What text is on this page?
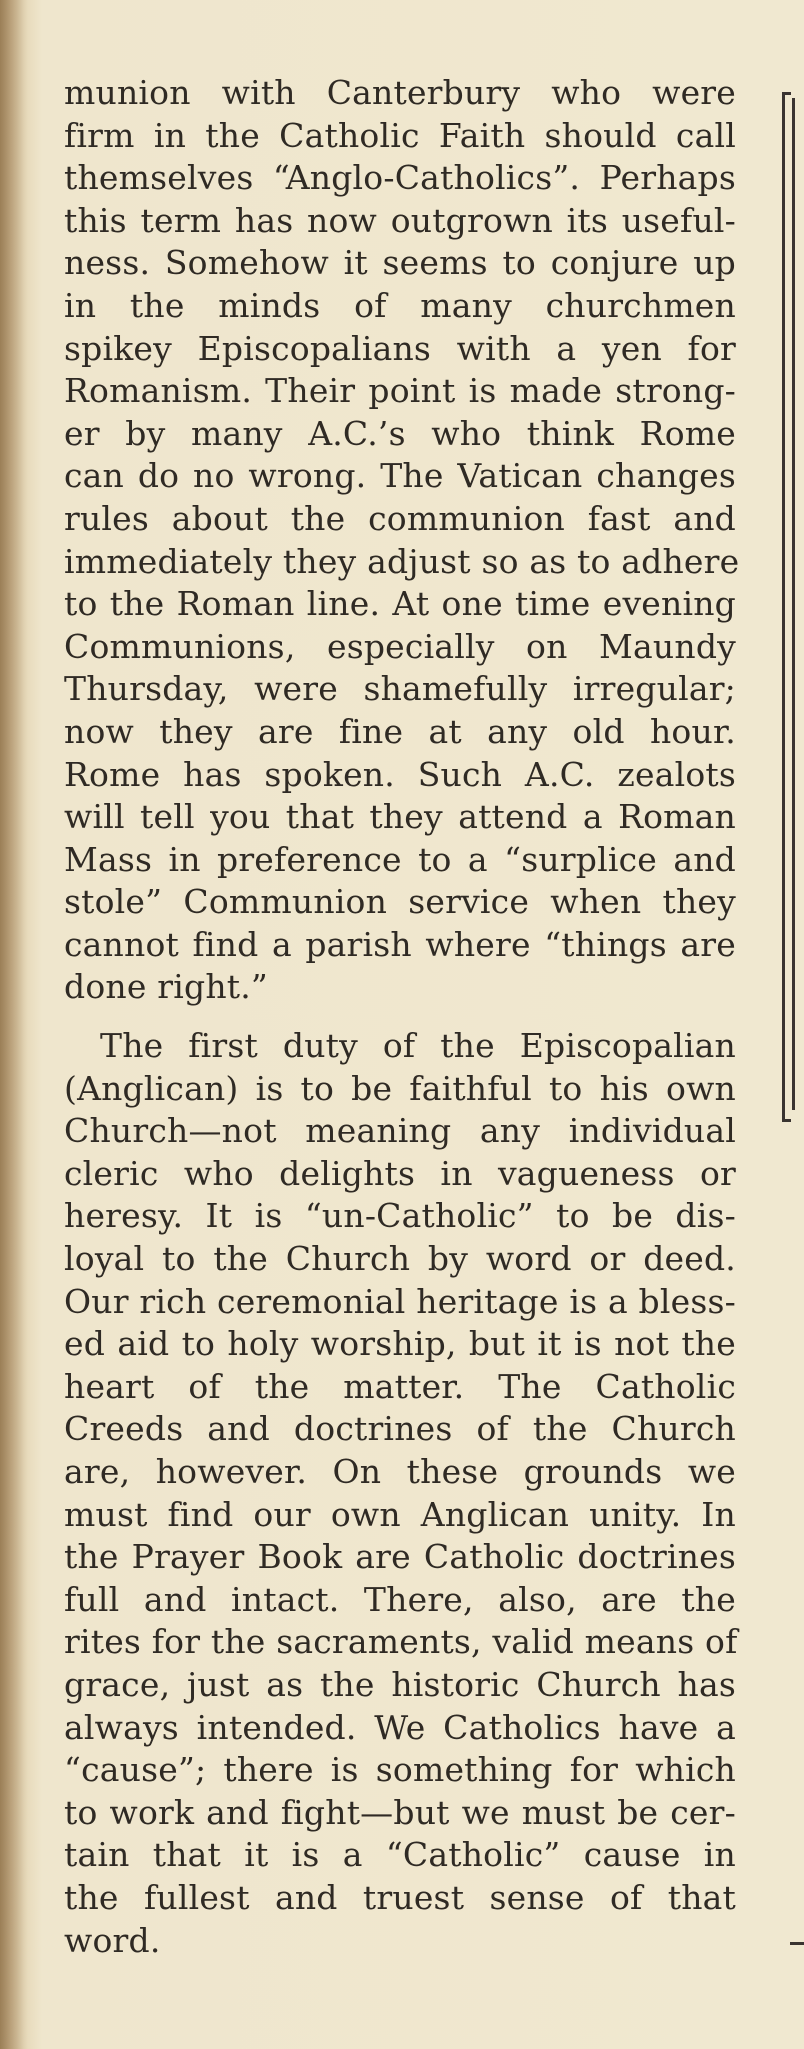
munion with Canterbury who were
firm in the Catholic Faith should call
themselves “Anglo-Catholics”. Perhaps
this term has now outgrown its useful-
ness. Somehow it seems to conjure up
in the minds of many churchmen
spikey Episcopalians with a yen for
Romanism. Their point is made strong-
er by many A.C.’s who think Rome
can do no wrong. The Vatican changes
rules about the communion fast and
immediately they adjust so as to adhere
to the Roman line. At one time evening
Communions, especially on Maundy
Thursday, were shamefully irregular;
now they are fine at any old hour.
Rome has spoken. Such A.C. zealots
will tell you that they attend a Roman
Mass in preference to a “surplice and
stole” Communion service when they
cannot find a parish where “things are
done right.”
The first duty of the Episcopalian
(Anglican) is to be faithful to his own
Church—not meaning any individual
cleric who delights in vagueness or
heresy. It is “un-Catholic” to be dis-
loyal to the Church by word or deed.
Our rich ceremonial heritage is a bless-
ed aid to holy worship, but it is not the
heart of the matter. The Catholic
Creeds and doctrines of the Church
are, however. On these grounds we
must find our own Anglican unity. In
the Prayer Book are Catholic doctrines
full and intact. There, also, are the
rites for the sacraments, valid means of
grace, just as the historic Church has
always intended. We Catholics have a
“cause”; there is something for which
to work and fight—but we must be cer-
tain that it is a “Catholic” cause in
the fullest and truest sense of that
word.
